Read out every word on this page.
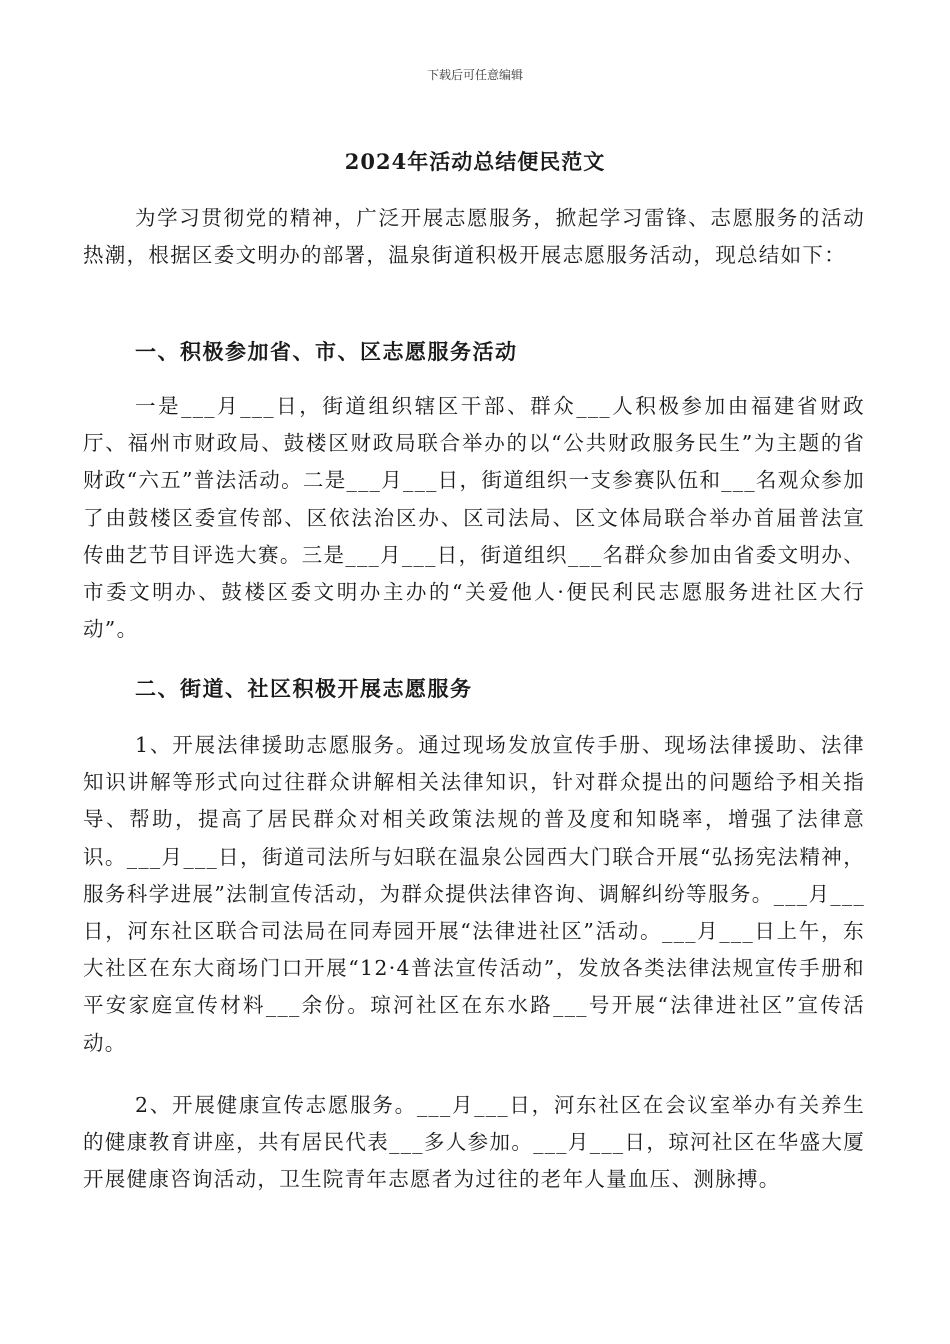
下载后可任意编辑
2024年活动总结便民范文

为学习贯彻党的精神，广泛开展志愿服务，掀起学习雷锋、志愿服务的活动热潮，根据区委文明办的部署，温泉街道积极开展志愿服务活动，现总结如下：

一、积极参加省、市、区志愿服务活动

一是___月___日，街道组织辖区干部、群众___人积极参加由福建省财政厅、福州市财政局、鼓楼区财政局联合举办的以“公共财政服务民生”为主题的省财政“六五”普法活动。二是___月___日，街道组织一支参赛队伍和___名观众参加了由鼓楼区委宣传部、区依法治区办、区司法局、区文体局联合举办首届普法宣传曲艺节目评选大赛。三是___月___日，街道组织___名群众参加由省委文明办、市委文明办、鼓楼区委文明办主办的“关爱他人·便民利民志愿服务进社区大行动”。

二、街道、社区积极开展志愿服务

1、开展法律援助志愿服务。通过现场发放宣传手册、现场法律援助、法律知识讲解等形式向过往群众讲解相关法律知识，针对群众提出的问题给予相关指导、帮助，提高了居民群众对相关政策法规的普及度和知晓率，增强了法律意识。___月___日，街道司法所与妇联在温泉公园西大门联合开展“弘扬宪法精神，服务科学进展”法制宣传活动，为群众提供法律咨询、调解纠纷等服务。___月___日，河东社区联合司法局在同寿园开展“法律进社区”活动。___月___日上午，东大社区在东大商场门口开展“12·4普法宣传活动”，发放各类法律法规宣传手册和平安家庭宣传材料___余份。琼河社区在东水路___号开展“法律进社区”宣传活动。

2、开展健康宣传志愿服务。___月___日，河东社区在会议室举办有关养生的健康教育讲座，共有居民代表___多人参加。___月___日，琼河社区在华盛大厦开展健康咨询活动，卫生院青年志愿者为过往的老年人量血压、测脉搏。
